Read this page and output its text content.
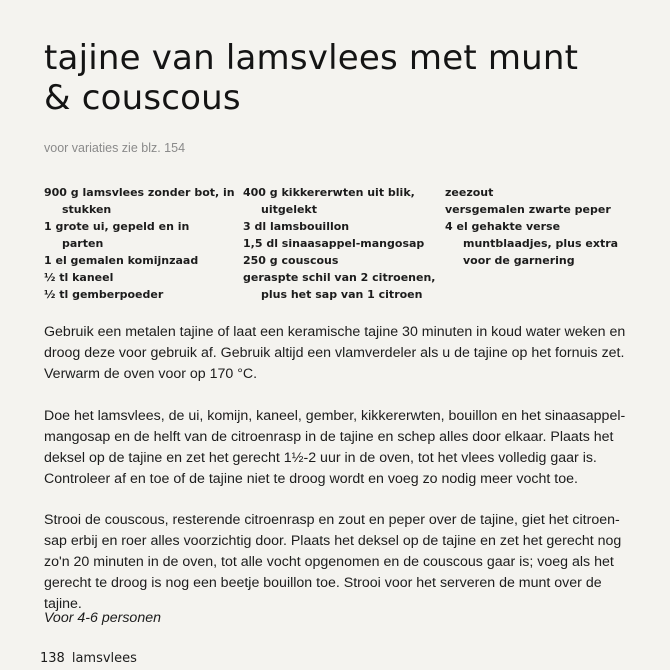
tajine van lamsvlees met munt
& couscous

voor variaties zie blz. 154

900 g lamsvlees zonder bot, in
stukken
1 grote ui, gepeld en in
parten
1 el gemalen komijnzaad
½ tl kaneel
½ tl gemberpoeder
400 g kikkererwten uit blik,
uitgelekt
3 dl lamsbouillon
1,5 dl sinaasappel-mangosap
250 g couscous
geraspte schil van 2 citroenen,
plus het sap van 1 citroen
zeezout
versgemalen zwarte peper
4 el gehakte verse
muntblaadjes, plus extra
voor de garnering

Gebruik een metalen tajine of laat een keramische tajine 30 minuten in koud water weken en
droog deze voor gebruik af. Gebruik altijd een vlamverdeler als u de tajine op het fornuis zet.
Verwarm de oven voor op 170 °C.

Doe het lamsvlees, de ui, komijn, kaneel, gember, kikkererwten, bouillon en het sinaasappel-
mangosap en de helft van de citroenrasp in de tajine en schep alles door elkaar. Plaats het
deksel op de tajine en zet het gerecht 1½-2 uur in de oven, tot het vlees volledig gaar is.
Controleer af en toe of de tajine niet te droog wordt en voeg zo nodig meer vocht toe.

Strooi de couscous, resterende citroenrasp en zout en peper over de tajine, giet het citroen-
sap erbij en roer alles voorzichtig door. Plaats het deksel op de tajine en zet het gerecht nog
zo'n 20 minuten in de oven, tot alle vocht opgenomen en de couscous gaar is; voeg als het
gerecht te droog is nog een beetje bouillon toe. Strooi voor het serveren de munt over de
tajine.

Voor 4-6 personen

138 lamsvlees
